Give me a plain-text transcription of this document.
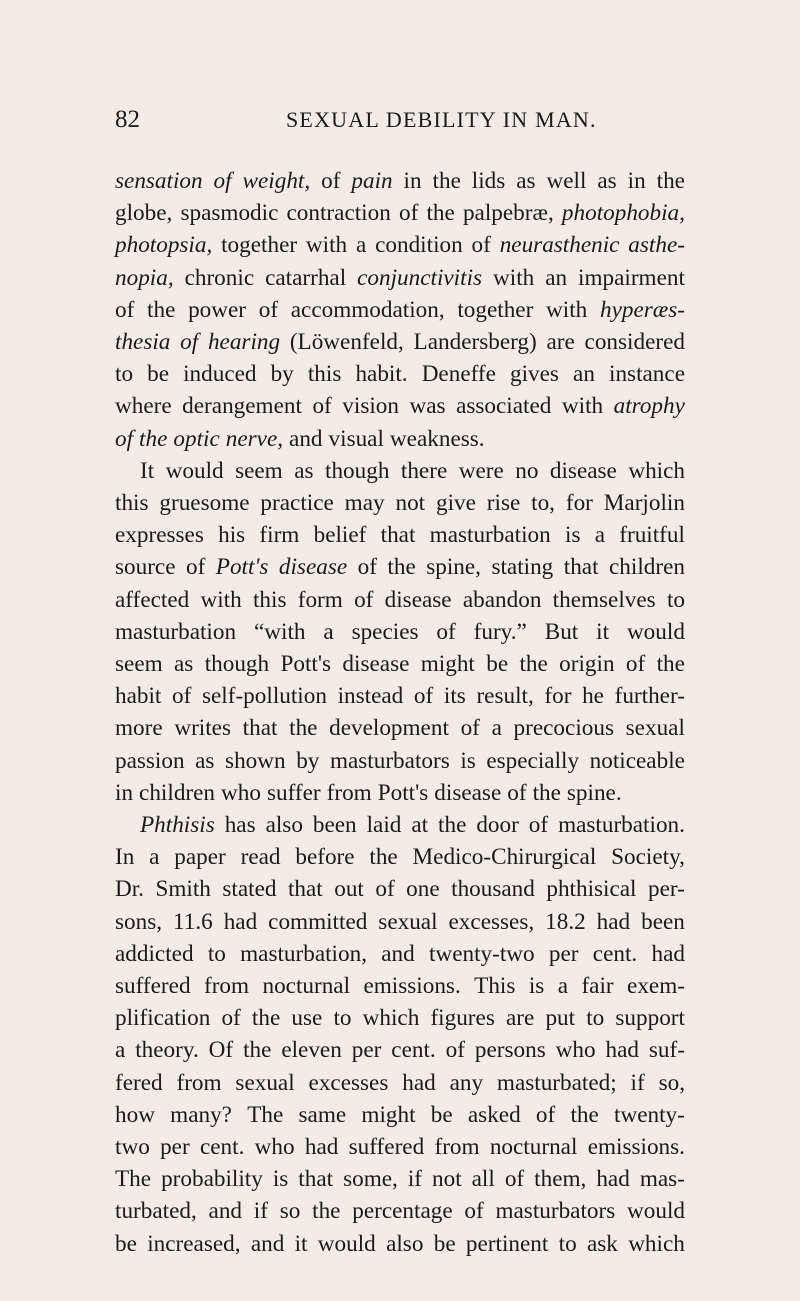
82	SEXUAL DEBILITY IN MAN.
sensation of weight, of pain in the lids as well as in the
globe, spasmodic contraction of the palpebræ, photophobia,
photopsia, together with a condition of neurasthenic asthe-
nopia, chronic catarrhal conjunctivitis with an impairment
of the power of accommodation, together with hyperæs-
thesia of hearing (Löwenfeld, Landersberg) are considered
to be induced by this habit. Deneffe gives an instance
where derangement of vision was associated with atrophy
of the optic nerve, and visual weakness.
It would seem as though there were no disease which
this gruesome practice may not give rise to, for Marjolin
expresses his firm belief that masturbation is a fruitful
source of Pott's disease of the spine, stating that children
affected with this form of disease abandon themselves to
masturbation “with a species of fury.” But it would
seem as though Pott's disease might be the origin of the
habit of self-pollution instead of its result, for he further-
more writes that the development of a precocious sexual
passion as shown by masturbators is especially noticeable
in children who suffer from Pott's disease of the spine.
Phthisis has also been laid at the door of masturbation.
In a paper read before the Medico-Chirurgical Society,
Dr. Smith stated that out of one thousand phthisical per-
sons, 11.6 had committed sexual excesses, 18.2 had been
addicted to masturbation, and twenty-two per cent. had
suffered from nocturnal emissions. This is a fair exem-
plification of the use to which figures are put to support
a theory. Of the eleven per cent. of persons who had suf-
fered from sexual excesses had any masturbated; if so,
how many? The same might be asked of the twenty-
two per cent. who had suffered from nocturnal emissions.
The probability is that some, if not all of them, had mas-
turbated, and if so the percentage of masturbators would
be increased, and it would also be pertinent to ask which
